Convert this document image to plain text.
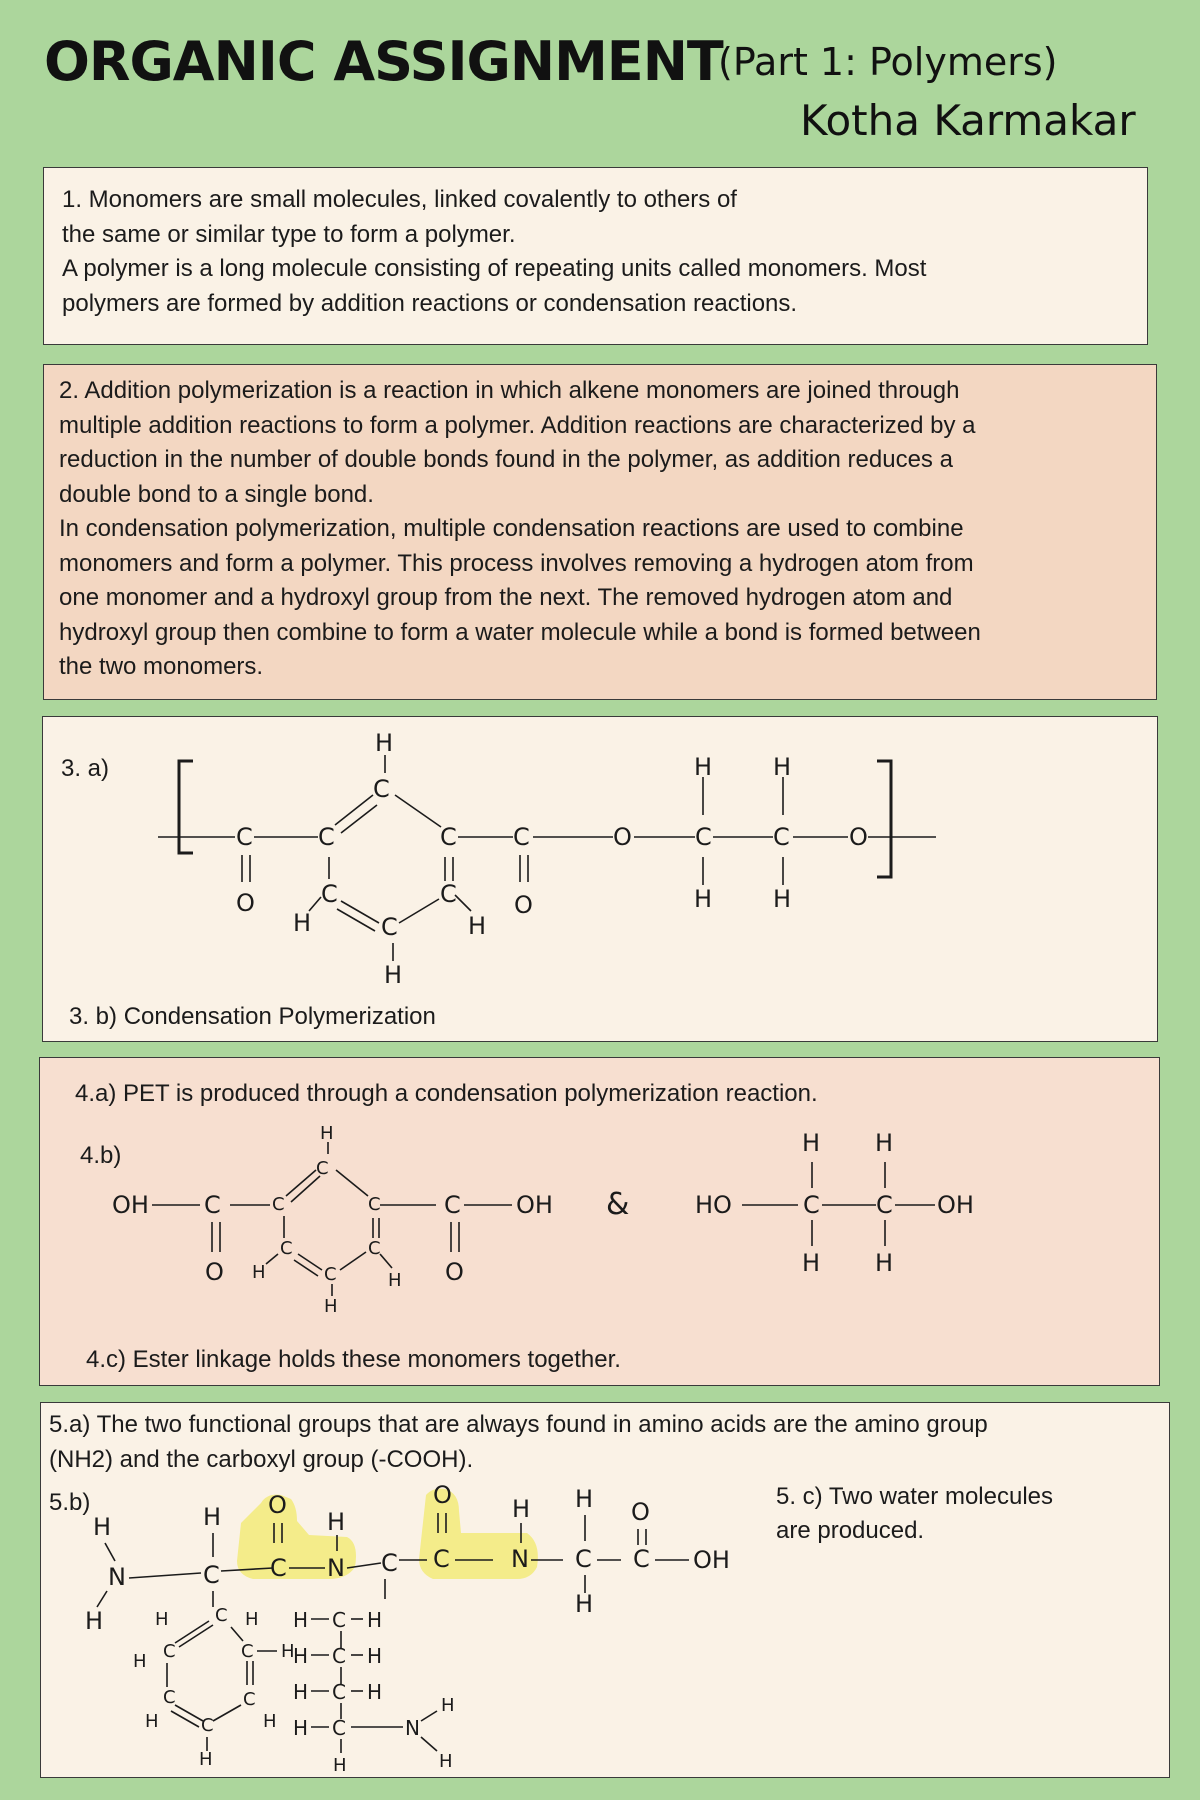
ORGANIC ASSIGNMENT
(Part 1: Polymers)
Kotha Karmakar

1. Monomers are small molecules, linked covalently to others of
the same or similar type to form a polymer.
A polymer is a long molecule consisting of repeating units called monomers. Most
polymers are formed by addition reactions or condensation reactions.

2. Addition polymerization is a reaction in which alkene monomers are joined through
multiple addition reactions to form a polymer. Addition reactions are characterized by a
reduction in the number of double bonds found in the polymer, as addition reduces a
double bond to a single bond.
In condensation polymerization, multiple condensation reactions are used to combine
monomers and form a polymer. This process involves removing a hydrogen atom from
one monomer and a hydroxyl group from the next. The removed hydrogen atom and
hydroxyl group then combine to form a water molecule while a bond is formed between
the two monomers.

3. a)
3. b) Condensation Polymerization
C
O
C
C
H
C
C
H
C
H
C
H
C
O
O	C
H
H
C
H
H
O
4.a) PET is produced through a condensation polymerization reaction.
4.b)
4.c) Ester linkage holds these monomers together.
OH C
O
C
C
H
C
C
H
C
C
H
H
C
O
OH &	HO	C
H
H
C
H
H
OH
5.a) The two functional groups that are always found in amino acids are the amino group
(NH2) and the carboxyl group (-COOH).
5.b)	5. c) Two water molecules
are produced.
H
N
H
C
H O
C N
H
C
O
C	N
H
C
H
H
C
O
OH
C
C
H
H
C
H C
H
C
H
C
H
H
H C H
H C H
H C H
H C
H
N
H
H
